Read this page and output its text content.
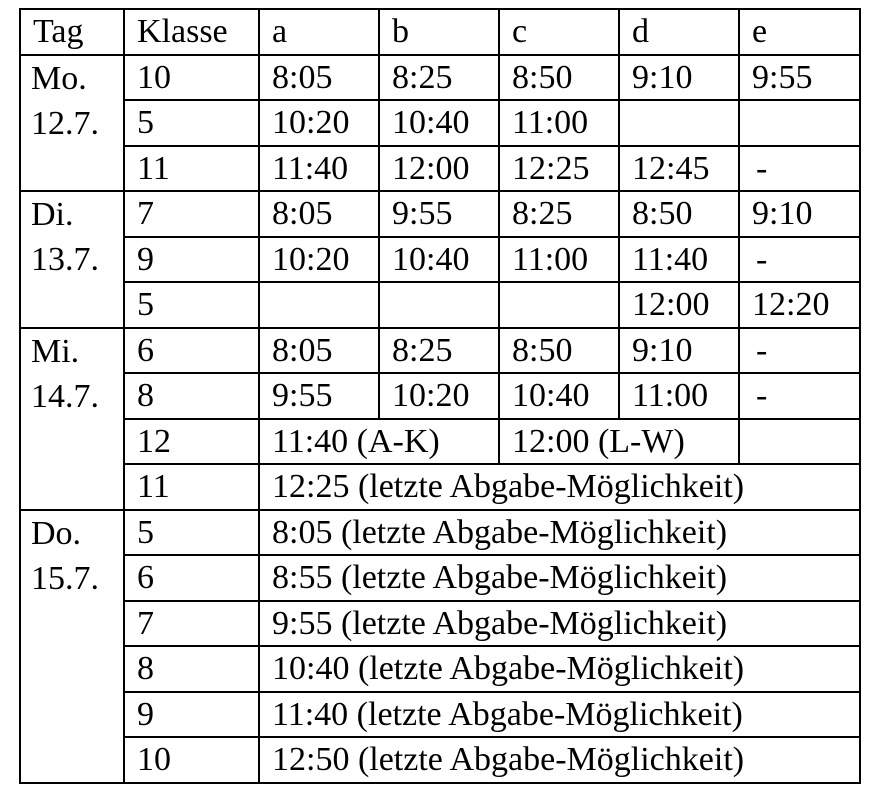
Tag	Klasse	a	b	c	d	e

Mo.
12.7.	10	8:05	8:25	8:50	9:10	9:55
	5	10:20	10:40	11:00		
	11	11:40	12:00	12:25	12:45	-

Di.
13.7.	7	8:05	9:55	8:25	8:50	9:10
	9	10:20	10:40	11:00	11:40	-
	5				12:00	12:20

Mi.
14.7.	6	8:05	8:25	8:50	9:10	-
	8	9:55	10:20	10:40	11:00	-
	12	11:40 (A-K)		12:00 (L-W)		
	11	12:25 (letzte Abgabe-Möglichkeit)				

Do.
15.7.	5	8:05 (letzte Abgabe-Möglichkeit)				
	6	8:55 (letzte Abgabe-Möglichkeit)				
	7	9:55 (letzte Abgabe-Möglichkeit)				
	8	10:40 (letzte Abgabe-Möglichkeit)				
	9	11:40 (letzte Abgabe-Möglichkeit)				
	10	12:50 (letzte Abgabe-Möglichkeit)				
